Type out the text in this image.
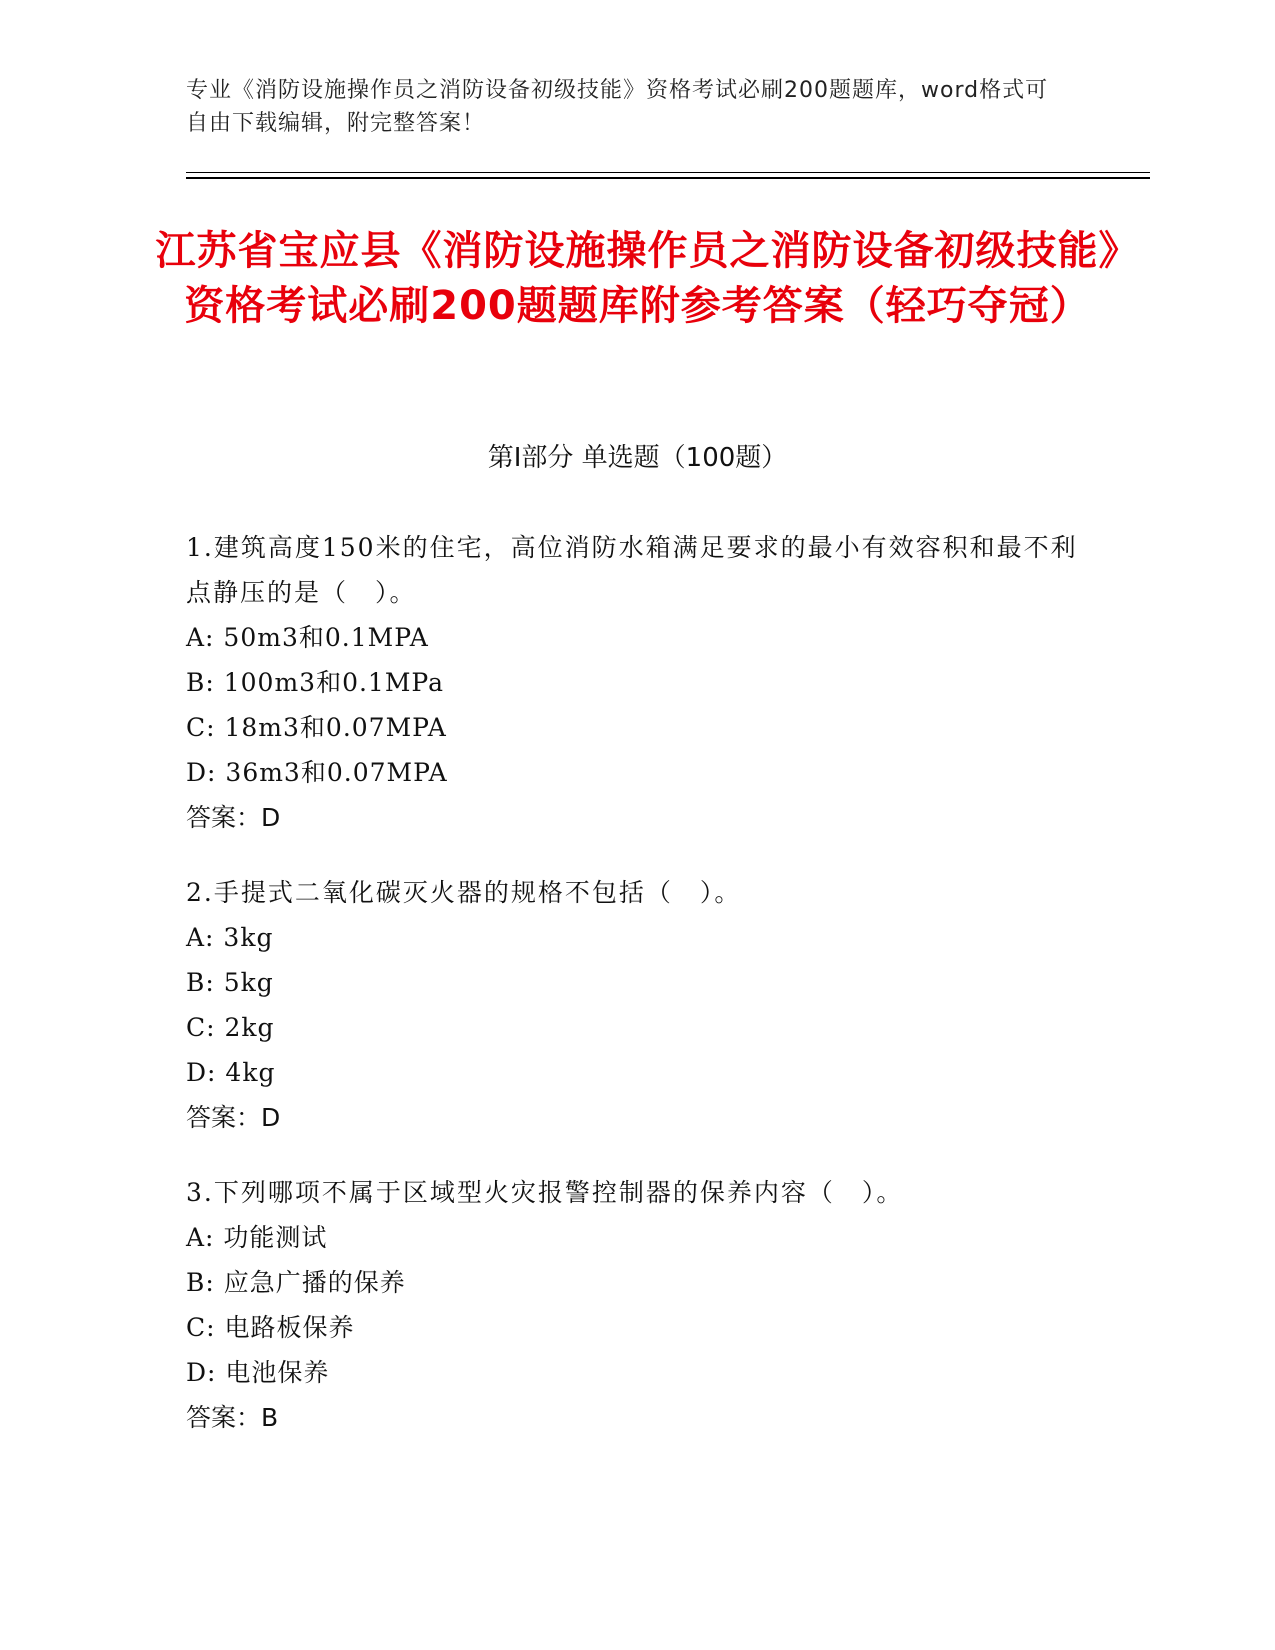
专业《消防设施操作员之消防设备初级技能》资格考试必刷200题题库，word格式可自由下载编辑，附完整答案！
江苏省宝应县《消防设施操作员之消防设备初级技能》资格考试必刷200题题库附参考答案（轻巧夺冠）
第Ⅰ部分 单选题（100题）
1.建筑高度150米的住宅，高位消防水箱满足要求的最小有效容积和最不利点静压的是（　）。
A: 50m3和0.1MPA
B: 100m3和0.1MPa
C: 18m3和0.07MPA
D: 36m3和0.07MPA
答案：D
2.手提式二氧化碳灭火器的规格不包括（　）。
A: 3kg
B: 5kg
C: 2kg
D: 4kg
答案：D
3.下列哪项不属于区域型火灾报警控制器的保养内容（　）。
A: 功能测试
B: 应急广播的保养
C: 电路板保养
D: 电池保养
答案：B
